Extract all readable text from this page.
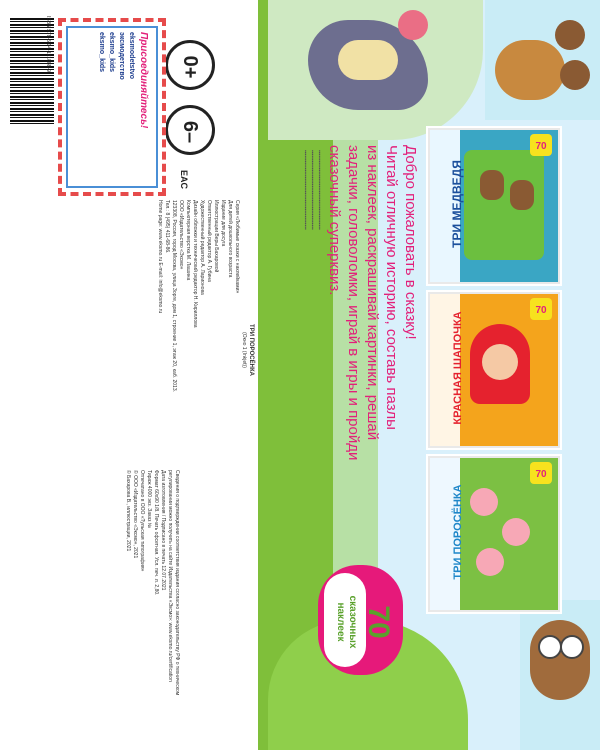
ТРИ МЕДВЕДЯ
70
КРАСНАЯ ШАПОЧКА
70
ТРИ ПОРОСЁНКА
70
Добро пожаловать в сказку!
Читай отличную историю, составь пазлы
из наклеек, раскрашивай картинки, решай
задачки, головоломки, играй в игры и пройди
сказочный суперквиз.
▪▪▪▪▪▪▪▪▪▪▪▪▪▪▪▪▪▪▪▪▪▪▪▪▪▪▪▪▪▪▪▪▪▪▪▪▪▪▪▪▪▪▪▪▪
▪▪▪▪▪▪▪▪▪▪▪▪▪▪▪▪▪▪▪▪▪▪▪▪▪▪▪▪▪▪▪▪▪▪▪▪▪▪▪▪▪▪▪▪▪
▪▪▪▪▪▪▪▪▪▪▪▪▪▪▪▪▪▪▪▪▪▪▪▪▪▪▪▪▪▪▪▪▪▪▪▪▪▪▪▪▪▪▪▪▪
70
сказочных
наклеек
ТРИ ПОРОСЁНКА
(Окно 1 (Inkjet))
Серия «Любимые сказки с наклейками»
Для детей дошкольного возраста
Издание для досуга
Иллюстрации Веры Бахаровой
Ответственный редактор А. Губина
Художественный редактор А. Ларионова
Дизайн обложки и технический редактор Н. Кириллова
Компьютерная верстка М. Лашина
ООО «Издательство «Эксмо»
123308, Россия, город Москва, улица Зорге, дом 1, строение 1, этаж 20, каб. 2013.
Тел.: 8 (495) 411-68-86.
Home page: www.eksmo.ru E-mail: info@eksmo.ru
Сведения о подтверждении соответствия издания согласно законодательству РФ о техническом
регулировании можно получить на сайте Издательства «Эксмо»: www.eksmo.ru/certification
Дата изготовления / Подписано в печать 12.07.2021
Формат 60x90 1/8. Печать офсетная. Усл. печ. л. 2,80.
Тираж 4000 экз. Заказ №
Отпечатано в ООО «Тульская типография»
© ООО «Издательство «Эксмо», 2021
© Бахарова В., иллюстрации, 2021
0+
6–
EAC
Присоединяйтесь!
eksmodetstvo
эксмодетство
eksmo_kids
eksmo_kids
ISBN 978-5-04-121888-9
